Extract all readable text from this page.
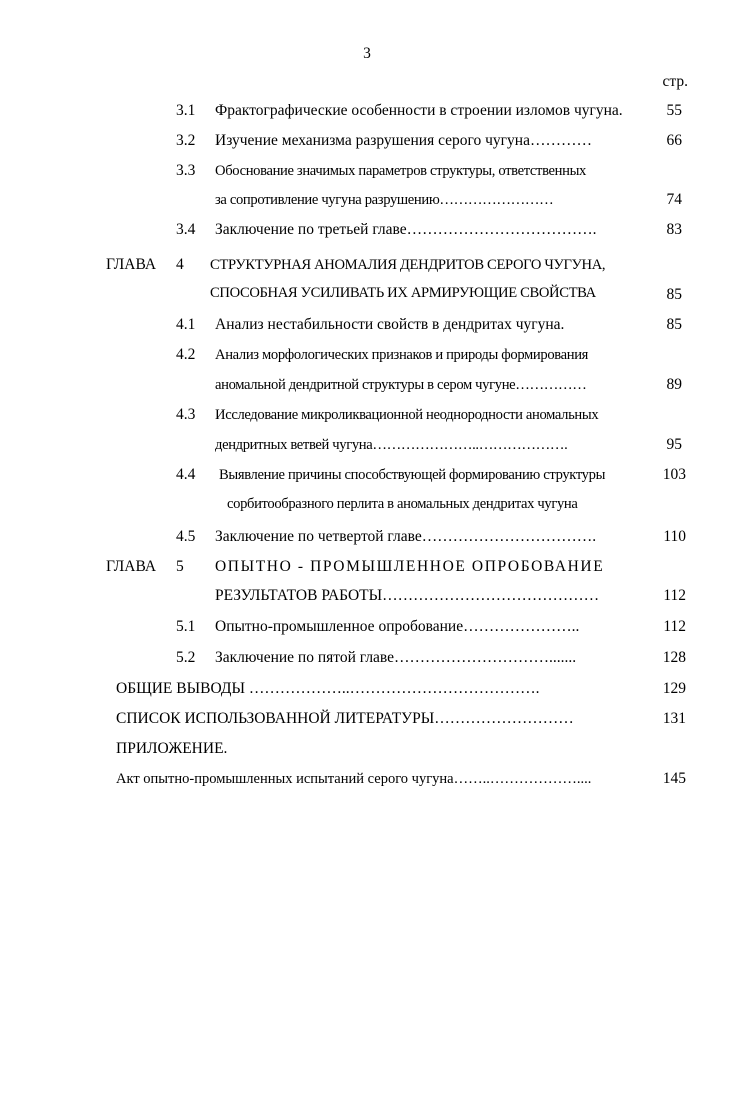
3
стр.
3.1 Фрактографические особенности в строении изломов чугуна.	55
3.2 Изучение механизма разрушения серого чугуна…………	66
3.3 Обоснование значимых параметров структуры, ответственных
за сопротивление чугуна разрушению……………………	74
3.4 Заключение по третьей главе……………………………….	83
ГЛАВА 4 СТРУКТУРНАЯ АНОМАЛИЯ ДЕНДРИТОВ СЕРОГО ЧУГУНА,
СПОСОБНАЯ УСИЛИВАТЬ ИХ АРМИРУЮЩИЕ СВОЙСТВА	85
4.1 Анализ нестабильности свойств в дендритах чугуна.	85
4.2 Анализ морфологических признаков и природы формирования
аномальной дендритной структуры в сером чугуне……………	89
4.3 Исследование микроликвационной неоднородности аномальных
дендритных ветвей чугуна…………………..……………….	95
4.4 Выявление причины способствующей формированию структуры
сорбитообразного перлита в аномальных дендритах чугуна
103
4.5 Заключение по четвертой главе…………………………….	110
ГЛАВА 5 ОПЫТНО - ПРОМЫШЛЕННОЕ ОПРОБОВАНИЕ
РЕЗУЛЬТАТОВ РАБОТЫ……………………………………	112
5.1 Опытно-промышленное опробование…………………..	112
5.2 Заключение по пятой главе………………………….......	128
ОБЩИЕ ВЫВОДЫ ………………..……………………………….	129
СПИСОК ИСПОЛЬЗОВАННОЙ ЛИТЕРАТУРЫ………………………	131
ПРИЛОЖЕНИЕ.
Акт опытно-промышленных испытаний серого чугуна……..………………....	145
